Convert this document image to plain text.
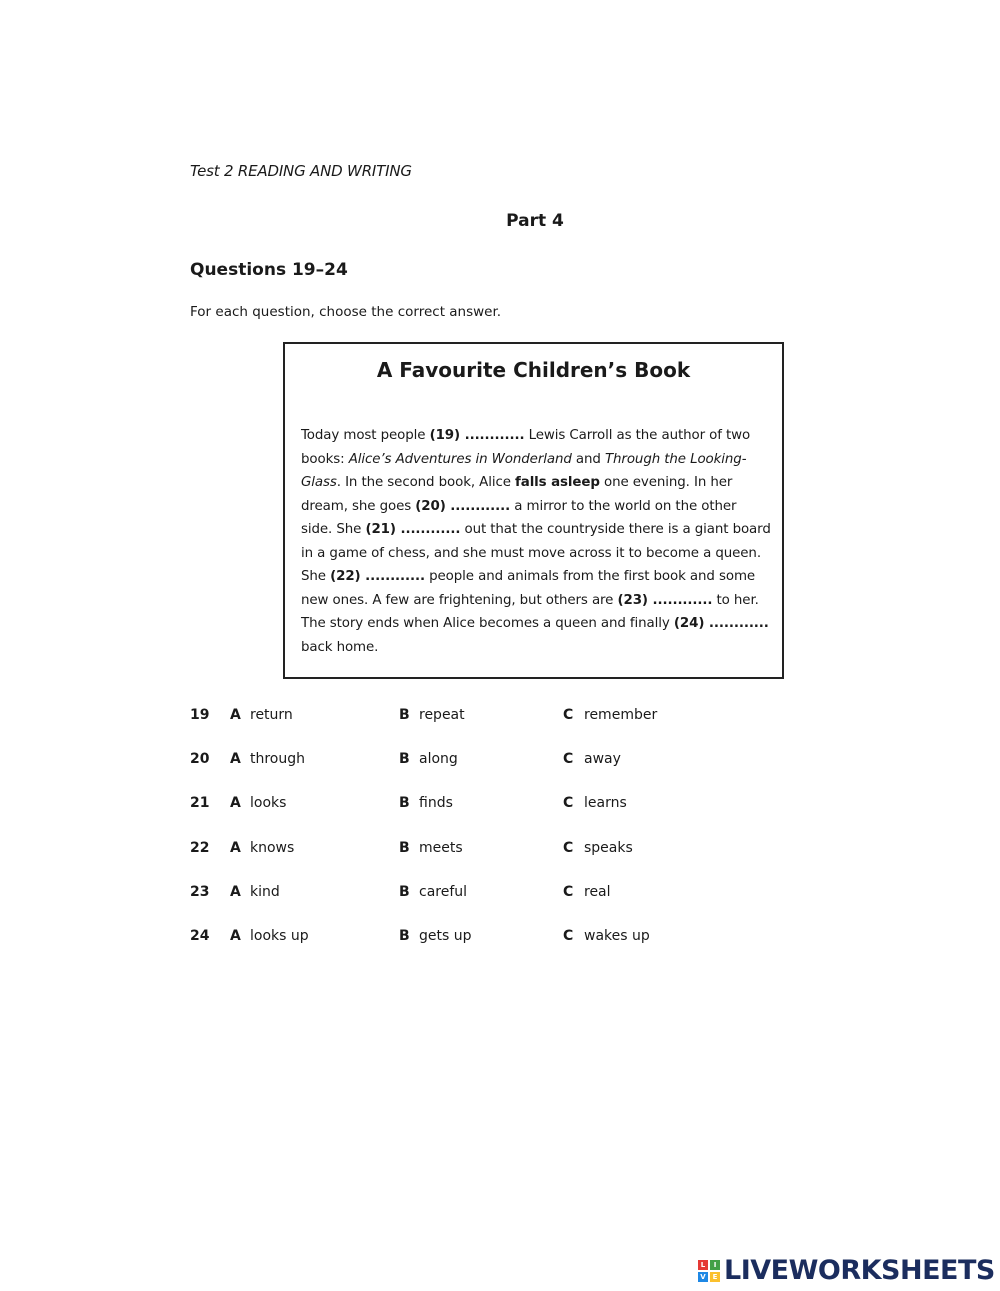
Test 2 READING AND WRITING
Part 4
Questions 19–24
For each question, choose the correct answer.
A Favourite Children’s Book
Today most people (19) ............ Lewis Carroll as the author of two
books: Alice’s Adventures in Wonderland and Through the Looking-
Glass. In the second book, Alice falls asleep one evening. In her
dream, she goes (20) ............ a mirror to the world on the other
side. She (21) ............ out that the countryside there is a giant board
in a game of chess, and she must move across it to become a queen.
She (22) ............ people and animals from the first book and some
new ones. A few are frightening, but others are (23) ............ to her.
The story ends when Alice becomes a queen and finally (24) ............
back home.
19 A return	B repeat	C remember
20 A through	B along	C away
21 A looks	B finds	C learns
22 A knows	B meets	C speaks
23 A kind	B careful	C real
24 A looks up	B gets up	C wakes up
L	I
V E LIVEWORKSHEETS
